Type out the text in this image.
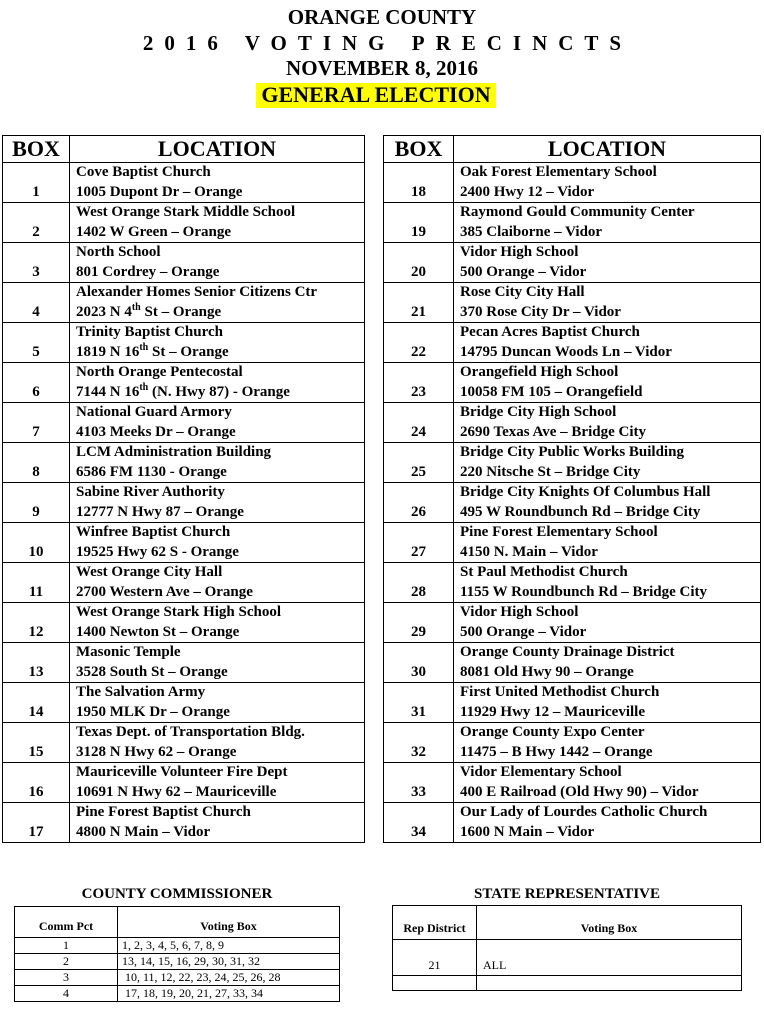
ORANGE COUNTY
2016 VOTING PRECINCTS
NOVEMBER 8, 2016
GENERAL ELECTION
BOX	LOCATION
1	Cove Baptist Church
1005 Dupont Dr – Orange

2	West Orange Stark Middle School
1402 W Green – Orange

3	North School
801 Cordrey – Orange

4	Alexander Homes Senior Citizens Ctr
2023 N 4th St – Orange

5	Trinity Baptist Church
1819 N 16th St – Orange

6	North Orange Pentecostal
7144 N 16th (N. Hwy 87) - Orange

7	National Guard Armory
4103 Meeks Dr – Orange

8	LCM Administration Building
6586 FM 1130 - Orange

9	Sabine River Authority
12777 N Hwy 87 – Orange

10	Winfree Baptist Church
19525 Hwy 62 S - Orange

11	West Orange City Hall
2700 Western Ave – Orange

12	West Orange Stark High School
1400 Newton St – Orange

13	Masonic Temple
3528 South St – Orange

14	The Salvation Army
1950 MLK Dr – Orange

15	Texas Dept. of Transportation Bldg.
3128 N Hwy 62 – Orange

16	Mauriceville Volunteer Fire Dept
10691 N Hwy 62 – Mauriceville

17	Pine Forest Baptist Church
4800 N Main – Vidor
BOX	LOCATION
18	Oak Forest Elementary School
2400 Hwy 12 – Vidor

19	Raymond Gould Community Center
385 Claiborne – Vidor

20	Vidor High School
500 Orange – Vidor

21	Rose City City Hall
370 Rose City Dr – Vidor

22	Pecan Acres Baptist Church
14795 Duncan Woods Ln – Vidor

23	Orangefield High School
10058 FM 105 – Orangefield

24	Bridge City High School
2690 Texas Ave – Bridge City

25	Bridge City Public Works Building
220 Nitsche St – Bridge City

26	Bridge City Knights Of Columbus Hall
495 W Roundbunch Rd – Bridge City

27	Pine Forest Elementary School
4150 N. Main – Vidor

28	St Paul Methodist Church
1155 W Roundbunch Rd – Bridge City

29	Vidor High School
500 Orange – Vidor

30	Orange County Drainage District
8081 Old Hwy 90 – Orange

31	First United Methodist Church
11929 Hwy 12 – Mauriceville

32	Orange County Expo Center
11475 – B Hwy 1442 – Orange

33	Vidor Elementary School
400 E Railroad (Old Hwy 90) – Vidor

34	Our Lady of Lourdes Catholic Church
1600 N Main – Vidor
COUNTY COMMISSIONER
Comm Pct	Voting Box
1	1, 2, 3, 4, 5, 6, 7, 8, 9
2	13, 14, 15, 16, 29, 30, 31, 32
3	10, 11, 12, 22, 23, 24, 25, 26, 28
4	17, 18, 19, 20, 21, 27, 33, 34
STATE REPRESENTATIVE
Rep District	Voting Box
21	ALL
